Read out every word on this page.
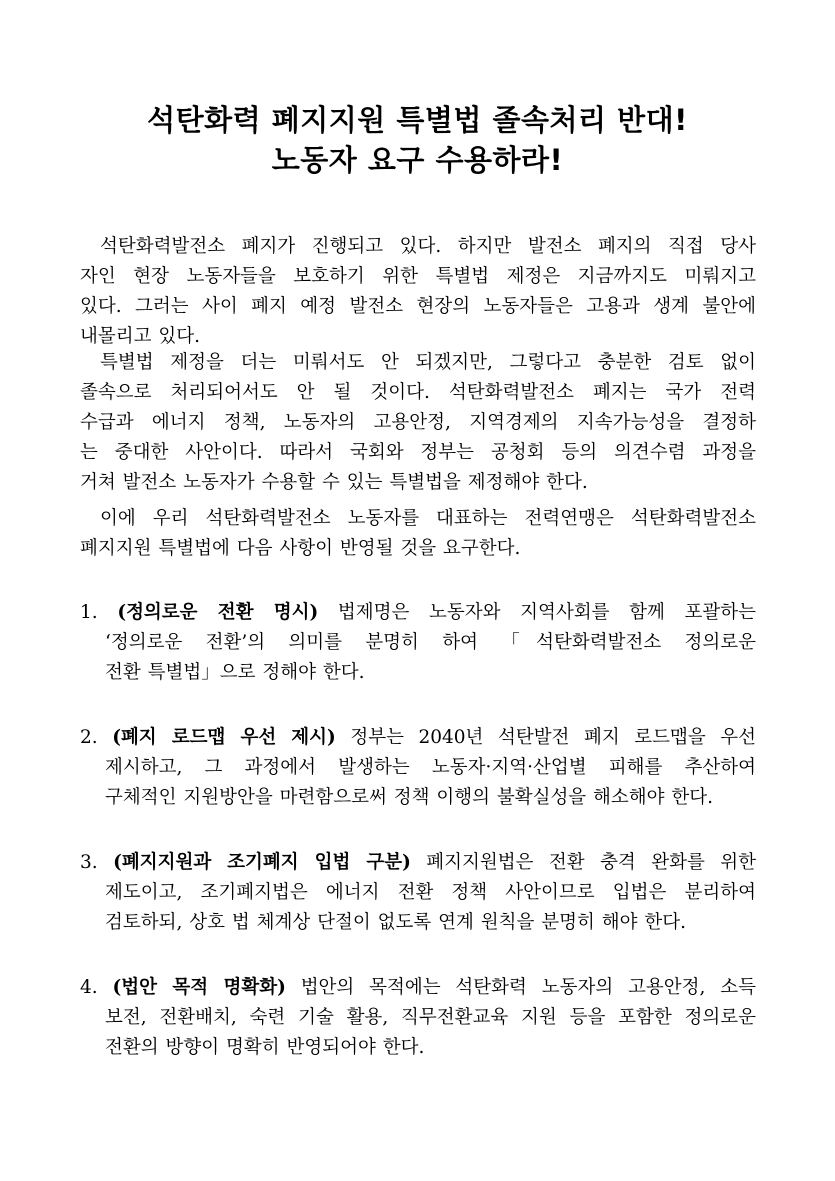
석탄화력 폐지지원 특별법 졸속처리 반대!
노동자 요구 수용하라!
석탄화력발전소 폐지가 진행되고 있다. 하지만 발전소 폐지의 직접 당사
자인 현장 노동자들을 보호하기 위한 특별법 제정은 지금까지도 미뤄지고
있다. 그러는 사이 폐지 예정 발전소 현장의 노동자들은 고용과 생계 불안에
내몰리고 있다.
특별법 제정을 더는 미뤄서도 안 되겠지만, 그렇다고 충분한 검토 없이
졸속으로 처리되어서도 안 될 것이다. 석탄화력발전소 폐지는 국가 전력
수급과 에너지 정책, 노동자의 고용안정, 지역경제의 지속가능성을 결정하
는 중대한 사안이다. 따라서 국회와 정부는 공청회 등의 의견수렴 과정을
거쳐 발전소 노동자가 수용할 수 있는 특별법을 제정해야 한다.
이에 우리 석탄화력발전소 노동자를 대표하는 전력연맹은 석탄화력발전소
폐지지원 특별법에 다음 사항이 반영될 것을 요구한다.
1. (정의로운 전환 명시) 법제명은 노동자와 지역사회를 함께 포괄하는
‘정의로운 전환’의 의미를 분명히 하여 「석탄화력발전소 정의로운
전환 특별법」으로 정해야 한다.
2. (폐지 로드맵 우선 제시) 정부는 2040년 석탄발전 폐지 로드맵을 우선
제시하고, 그 과정에서 발생하는 노동자·지역·산업별 피해를 추산하여
구체적인 지원방안을 마련함으로써 정책 이행의 불확실성을 해소해야 한다.
3. (폐지지원과 조기폐지 입법 구분) 폐지지원법은 전환 충격 완화를 위한
제도이고, 조기폐지법은 에너지 전환 정책 사안이므로 입법은 분리하여
검토하되, 상호 법 체계상 단절이 없도록 연계 원칙을 분명히 해야 한다.
4. (법안 목적 명확화) 법안의 목적에는 석탄화력 노동자의 고용안정, 소득
보전, 전환배치, 숙련 기술 활용, 직무전환교육 지원 등을 포함한 정의로운
전환의 방향이 명확히 반영되어야 한다.
